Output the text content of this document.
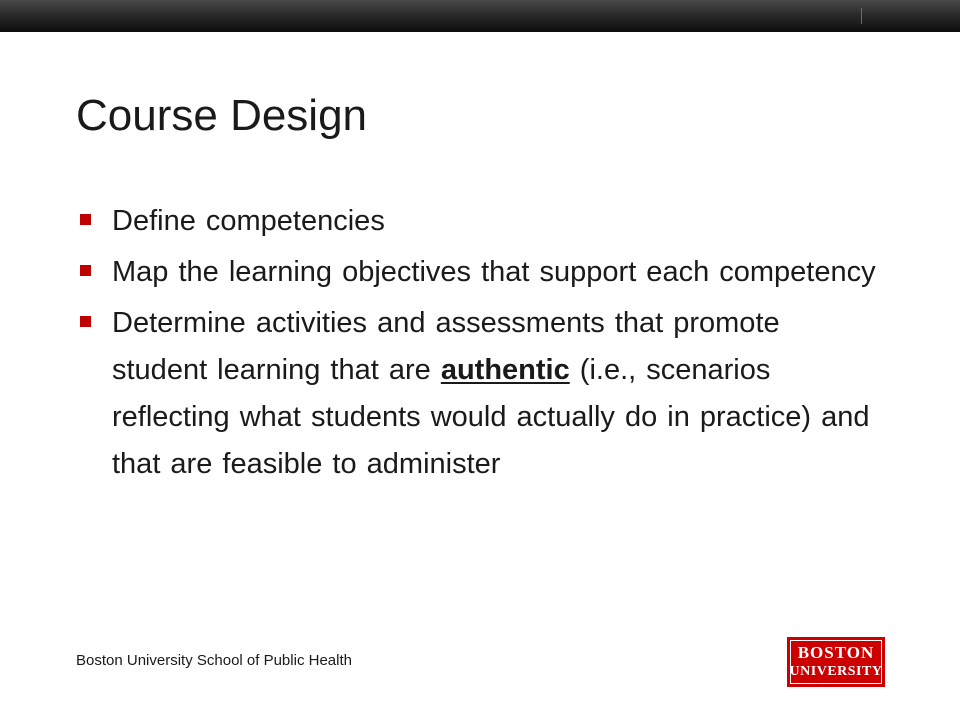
Course Design
Define competencies
Map the learning objectives that support each competency
Determine activities and assessments that promote student learning that are authentic (i.e., scenarios reflecting what students would actually do in practice) and that are feasible to administer
Boston University School of Public Health	BOSTON
UNIVERSITY
